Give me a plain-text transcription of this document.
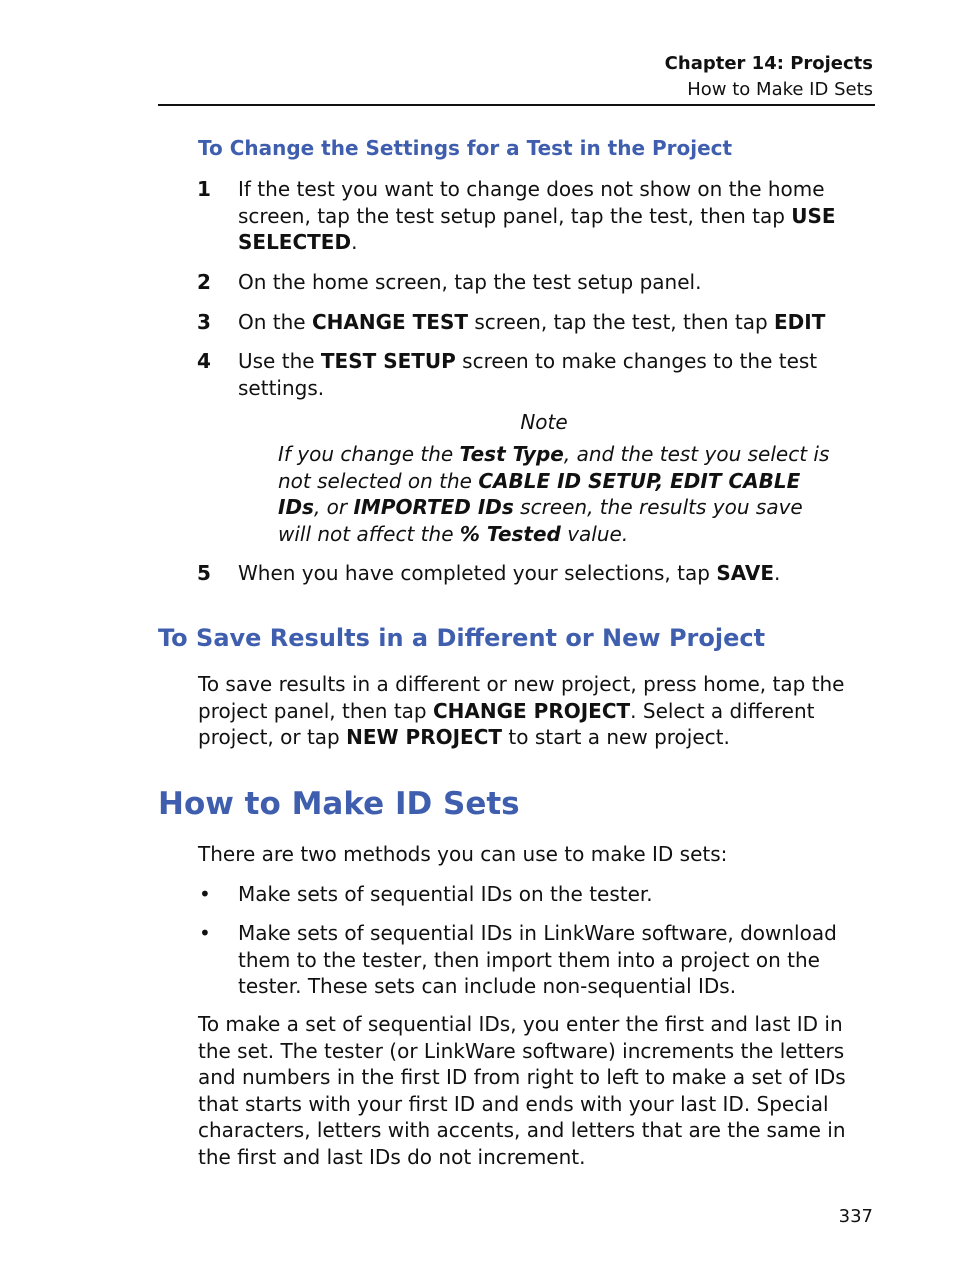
Chapter 14: Projects
How to Make ID Sets
To Change the Settings for a Test in the Project
1 If the test you want to change does not show on the home screen, tap the test setup panel, tap the test, then tap USE SELECTED.
2 On the home screen, tap the test setup panel.
3 On the CHANGE TEST screen, tap the test, then tap EDIT
4 Use the TEST SETUP screen to make changes to the test settings.
Note
If you change the Test Type, and the test you select is not selected on the CABLE ID SETUP, EDIT CABLE IDs, or IMPORTED IDs screen, the results you save will not affect the % Tested value.
5 When you have completed your selections, tap SAVE.
To Save Results in a Different or New Project
To save results in a different or new project, press home, tap the project panel, then tap CHANGE PROJECT. Select a different project, or tap NEW PROJECT to start a new project.
How to Make ID Sets
There are two methods you can use to make ID sets:
• Make sets of sequential IDs on the tester.
• Make sets of sequential IDs in LinkWare software, download them to the tester, then import them into a project on the tester. These sets can include non-sequential IDs.
To make a set of sequential IDs, you enter the first and last ID in the set. The tester (or LinkWare software) increments the letters and numbers in the first ID from right to left to make a set of IDs that starts with your first ID and ends with your last ID. Special characters, letters with accents, and letters that are the same in the first and last IDs do not increment.
337
